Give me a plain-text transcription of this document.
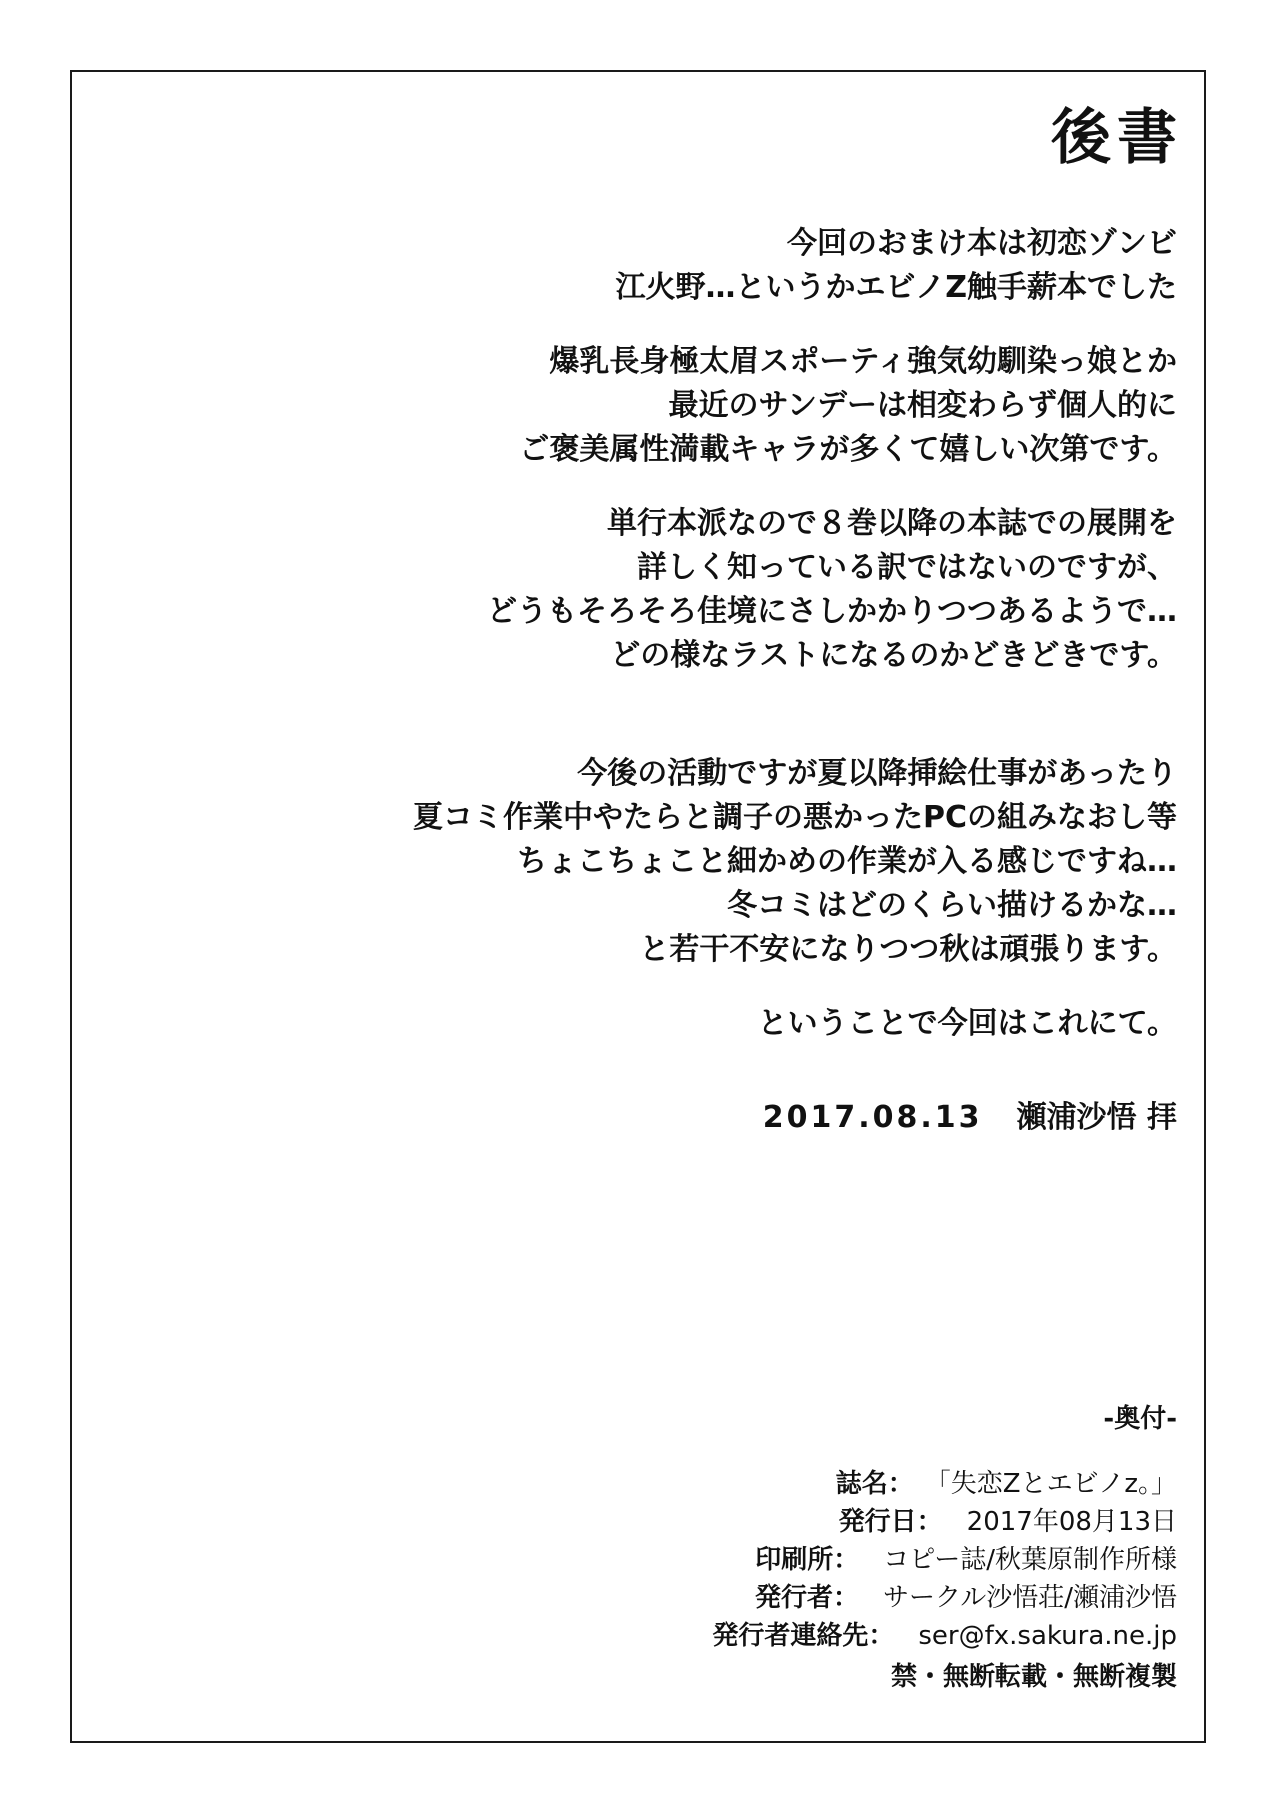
後書
今回のおまけ本は初恋ゾンビ
江火野…というかエビノZ触手薪本でした
爆乳長身極太眉スポーティ強気幼馴染っ娘とか
最近のサンデーは相変わらず個人的に
ご褒美属性満載キャラが多くて嬉しい次第です。
単行本派なので８巻以降の本誌での展開を
詳しく知っている訳ではないのですが、
どうもそろそろ佳境にさしかかりつつあるようで…
どの様なラストになるのかどきどきです。
今後の活動ですが夏以降挿絵仕事があったり
夏コミ作業中やたらと調子の悪かったPCの組みなおし等
ちょこちょこと細かめの作業が入る感じですね…
冬コミはどのくらい描けるかな…
と若干不安になりつつ秋は頑張ります。
ということで今回はこれにて。
2017.08.13 瀬浦沙悟 拝
-奥付-
誌名： 「失恋Zとエビノz。」
発行日： 2017年08月13日
印刷所： コピー誌/秋葉原制作所様
発行者： サークル沙悟荘/瀬浦沙悟
発行者連絡先： ser@fx.sakura.ne.jp
禁・無断転載・無断複製
